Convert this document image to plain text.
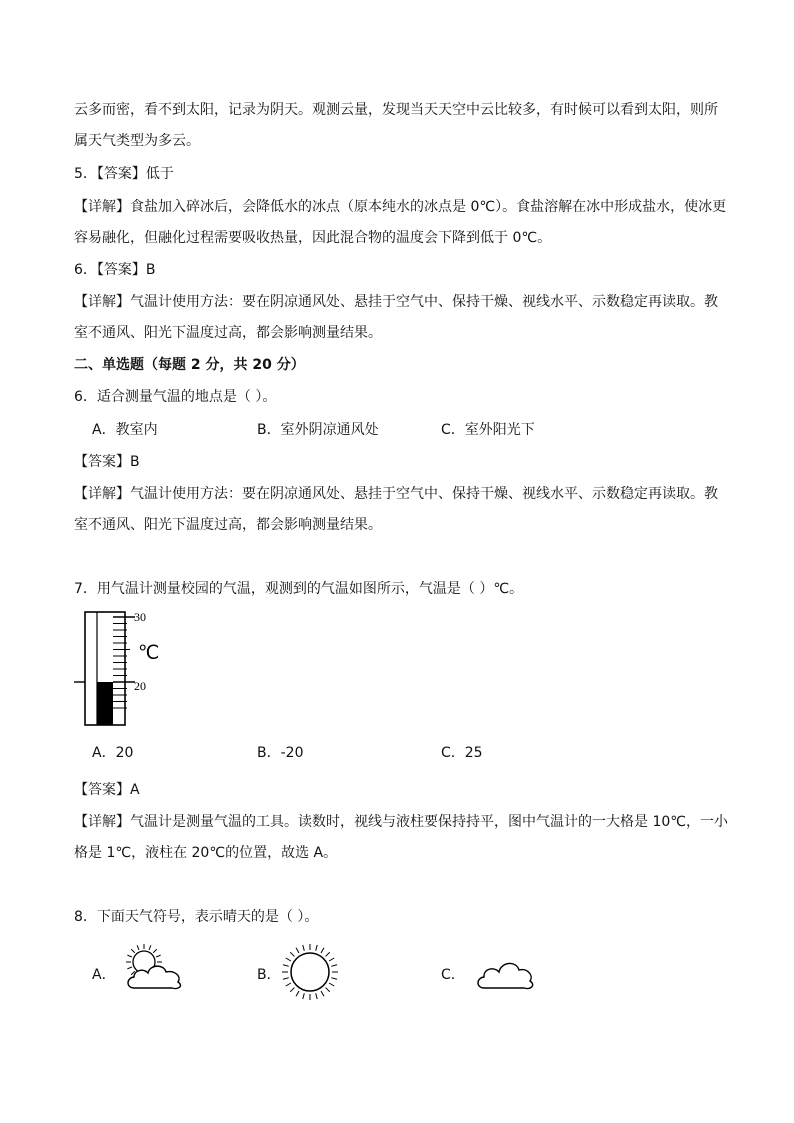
云多而密，看不到太阳，记录为阴天。观测云量，发现当天天空中云比较多，有时候可以看到太阳，则所
属天气类型为多云。
5．【答案】低于
【详解】食盐加入碎冰后，会降低水的冰点（原本纯水的冰点是 0℃）。食盐溶解在冰中形成盐水，使冰更
容易融化，但融化过程需要吸收热量，因此混合物的温度会下降到低于 0℃。
6．【答案】B
【详解】气温计使用方法：要在阴凉通风处、悬挂于空气中、保持干燥、视线水平、示数稳定再读取。教
室不通风、阳光下温度过高，都会影响测量结果。
二、单选题（每题 2 分，共 20 分）
6．适合测量气温的地点是（ ）。
A．教室内	B．室外阴凉通风处	C．室外阳光下
【答案】B
【详解】气温计使用方法：要在阴凉通风处、悬挂于空气中、保持干燥、视线水平、示数稳定再读取。教
室不通风、阳光下温度过高，都会影响测量结果。
7．用气温计测量校园的气温，观测到的气温如图所示，气温是（ ）℃。
30
20
℃
A．20	B．-20	C．25
【答案】A
【详解】气温计是测量气温的工具。读数时，视线与液柱要保持持平，图中气温计的一大格是 10℃，一小
格是 1℃，液柱在 20℃的位置，故选 A。
8．下面天气符号，表示晴天的是（ ）。
A．	B．	C．
